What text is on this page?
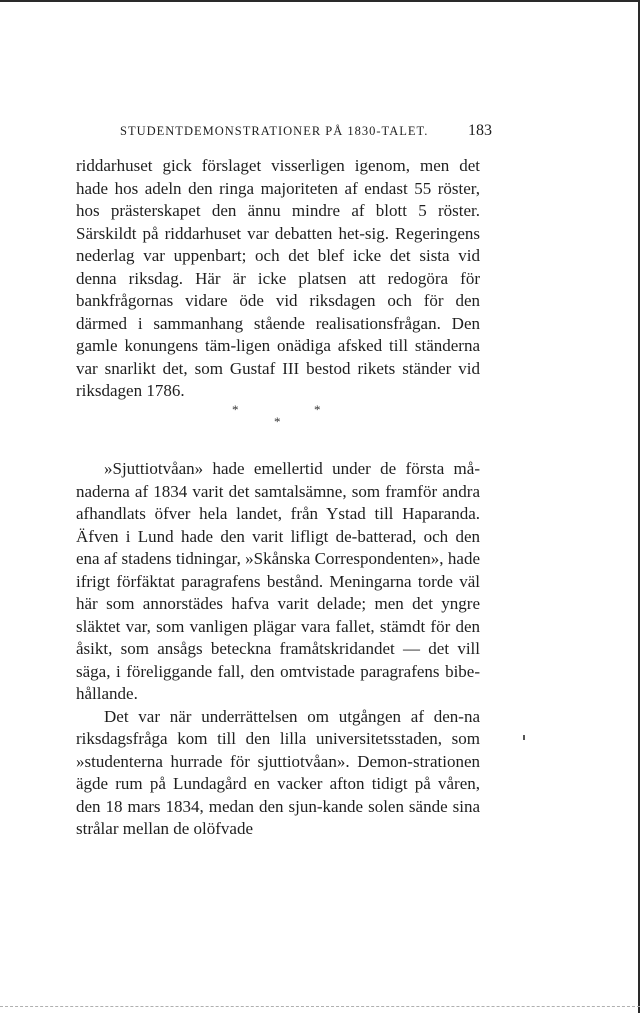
STUDENTDEMONSTRATIONER PÅ 1830-TALET.	183

riddarhuset gick förslaget visserligen igenom, men det hade hos adeln den ringa majoriteten af endast 55 röster, hos prästerskapet den ännu mindre af blott 5 röster. Särskildt på riddarhuset var debatten het-sig. Regeringens nederlag var uppenbart; och det blef icke det sista vid denna riksdag. Här är icke platsen att redogöra för bankfrågornas vidare öde vid riksdagen och för den därmed i sammanhang stående realisationsfrågan. Den gamle konungens täm-ligen onädiga afsked till ständerna var snarlikt det, som Gustaf III bestod rikets ständer vid riksdagen 1786.

*	*
*

»Sjuttiotvåan» hade emellertid under de första må-naderna af 1834 varit det samtalsämne, som framför andra afhandlats öfver hela landet, från Ystad till Haparanda. Äfven i Lund hade den varit lifligt de-batterad, och den ena af stadens tidningar, »Skånska Correspondenten», hade ifrigt förfäktat paragrafens bestånd. Meningarna torde väl här som annorstädes hafva varit delade; men det yngre släktet var, som vanligen plägar vara fallet, stämdt för den åsikt, som ansågs beteckna framåtskridandet — det vill säga, i föreliggande fall, den omtvistade paragrafens bibe-hållande.

Det var när underrättelsen om utgången af den-na riksdagsfråga kom till den lilla universitetsstaden, som »studenterna hurrade för sjuttiotvåan». Demon-strationen ägde rum på Lundagård en vacker afton tidigt på våren, den 18 mars 1834, medan den sjun-kande solen sände sina strålar mellan de olöfvade
